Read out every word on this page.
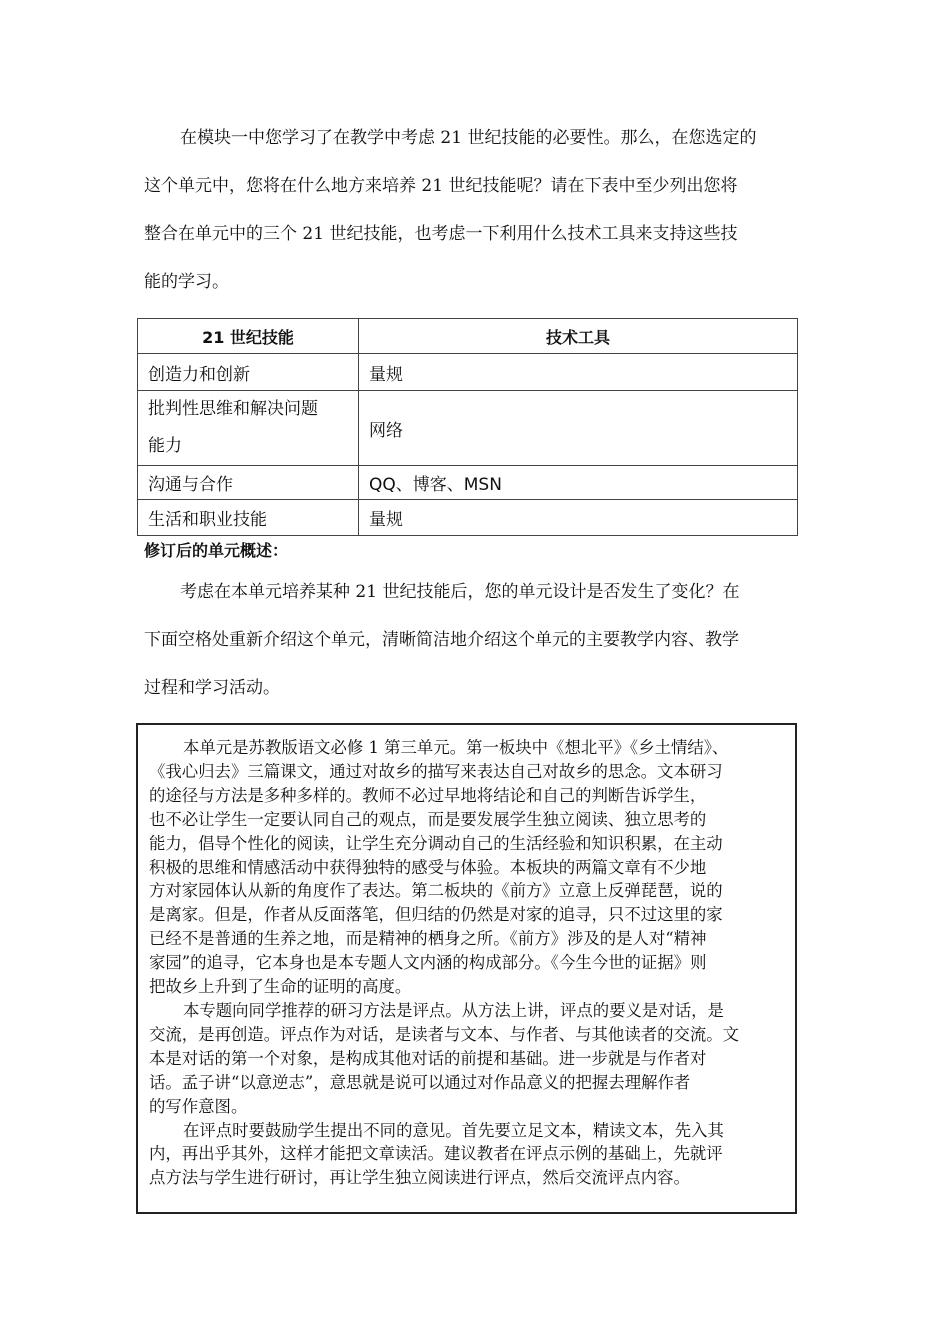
在模块一中您学习了在教学中考虑 21 世纪技能的必要性。那么，在您选定的
这个单元中，您将在什么地方来培养 21 世纪技能呢？请在下表中至少列出您将
整合在单元中的三个 21 世纪技能，也考虑一下利用什么技术工具来支持这些技
能的学习。
21 世纪技能	技术工具
创造力和创新	量规
批判性思维和解决问题
能力	网络
沟通与合作	QQ、博客、MSN
生活和职业技能	量规

修订后的单元概述：

考虑在本单元培养某种 21 世纪技能后，您的单元设计是否发生了变化？在
下面空格处重新介绍这个单元，清晰简洁地介绍这个单元的主要教学内容、教学
过程和学习活动。
本单元是苏教版语文必修 1 第三单元。第一板块中《想北平》《乡土情结》、
《我心归去》三篇课文，通过对故乡的描写来表达自己对故乡的思念。文本研习
的途径与方法是多种多样的。教师不必过早地将结论和自己的判断告诉学生，
也不必让学生一定要认同自己的观点，而是要发展学生独立阅读、独立思考的
能力，倡导个性化的阅读，让学生充分调动自己的生活经验和知识积累，在主动
积极的思维和情感活动中获得独特的感受与体验。本板块的两篇文章有不少地
方对家园体认从新的角度作了表达。第二板块的《前方》立意上反弹琵琶，说的
是离家。但是，作者从反面落笔，但归结的仍然是对家的追寻，只不过这里的家
已经不是普通的生养之地，而是精神的栖身之所。《前方》涉及的是人对“精神
家园”的追寻，它本身也是本专题人文内涵的构成部分。《今生今世的证据》则
把故乡上升到了生命的证明的高度。
本专题向同学推荐的研习方法是评点。从方法上讲，评点的要义是对话，是
交流，是再创造。评点作为对话，是读者与文本、与作者、与其他读者的交流。文
本是对话的第一个对象，是构成其他对话的前提和基础。进一步就是与作者对
话。孟子讲“以意逆志”，意思就是说可以通过对作品意义的把握去理解作者
的写作意图。
在评点时要鼓励学生提出不同的意见。首先要立足文本，精读文本，先入其
内，再出乎其外，这样才能把文章读活。建议教者在评点示例的基础上，先就评
点方法与学生进行研讨，再让学生独立阅读进行评点，然后交流评点内容。
